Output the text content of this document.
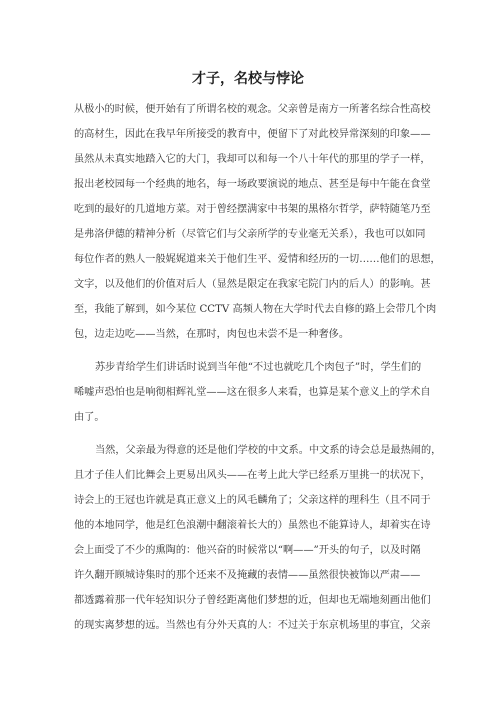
才子，名校与悖论
从极小的时候，便开始有了所谓名校的观念。父亲曾是南方一所著名综合性高校
的高材生，因此在我早年所接受的教育中，便留下了对此校异常深刻的印象——
虽然从未真实地踏入它的大门，我却可以和每一个八十年代的那里的学子一样，
报出老校园每一个经典的地名，每一场政要演说的地点、甚至是每中午能在食堂
吃到的最好的几道地方菜。对于曾经摆满家中书架的黑格尔哲学，萨特随笔乃至
是弗洛伊德的精神分析（尽管它们与父亲所学的专业毫无关系），我也可以如同
每位作者的熟人一般娓娓道来关于他们生平、爱情和经历的一切……他们的思想，
文字，以及他们的价值对后人（显然是限定在我家宅院门内的后人）的影响。甚
至，我能了解到，如今某位 CCTV 高频人物在大学时代去自修的路上会带几个肉
包，边走边吃——当然，在那时，肉包也未尝不是一种奢侈。
苏步青给学生们讲话时说到当年他“不过也就吃几个肉包子”时，学生们的
唏嘘声恐怕也是响彻相辉礼堂——这在很多人来看，也算是某个意义上的学术自
由了。
当然，父亲最为得意的还是他们学校的中文系。中文系的诗会总是最热闹的，
且才子佳人们比舞会上更易出风头——在考上此大学已经系万里挑一的状况下，
诗会上的王冠也许就是真正意义上的风毛麟角了；父亲这样的理科生（且不同于
他的本地同学，他是红色浪潮中翻滚着长大的）虽然也不能算诗人，却着实在诗
会上面受了不少的熏陶的：他兴奋的时候常以“啊——”开头的句子，以及时隔
许久翻开顾城诗集时的那个还来不及掩藏的表情——虽然很快被饰以严肃——
都透露着那一代年轻知识分子曾经距离他们梦想的近，但却也无端地刻画出他们
的现实离梦想的远。当然也有分外天真的人：不过关于东京机场里的事宜，父亲
